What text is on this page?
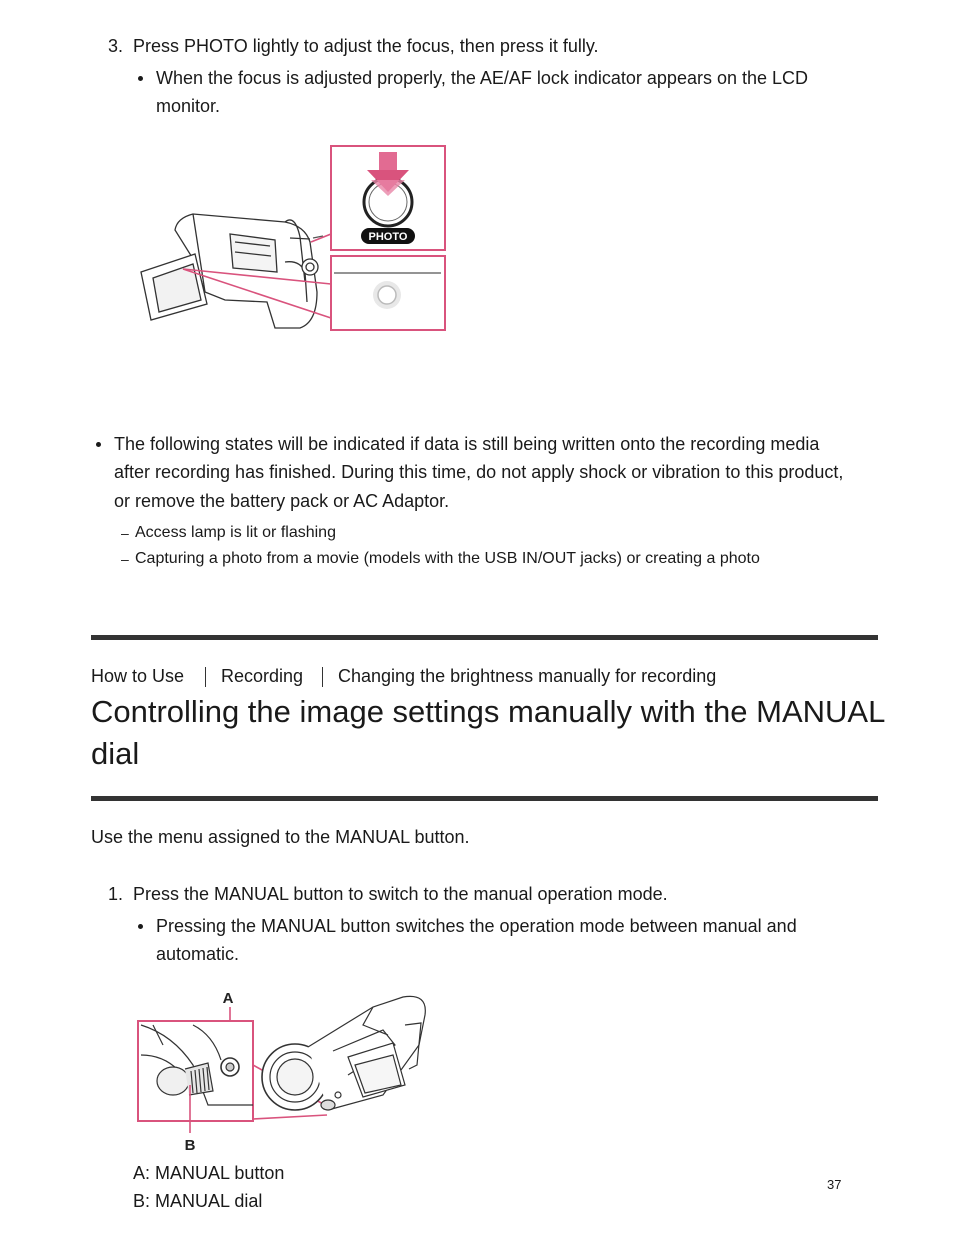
3. Press PHOTO lightly to adjust the focus, then press it fully.
When the focus is adjusted properly, the AE/AF lock indicator appears on the LCD
monitor.
PHOTO
The following states will be indicated if data is still being written onto the recording media
after recording has finished. During this time, do not apply shock or vibration to this product,
or remove the battery pack or AC Adaptor.
– Access lamp is lit or flashing
– Capturing a photo from a movie (models with the USB IN/OUT jacks) or creating a photo
How to Use Recording Changing the brightness manually for recording
Controlling the image settings manually with the MANUAL
dial
Use the menu assigned to the MANUAL button.
1. Press the MANUAL button to switch to the manual operation mode.
Pressing the MANUAL button switches the operation mode between manual and
automatic.
A
B
A: MANUAL button
B: MANUAL dial
37
